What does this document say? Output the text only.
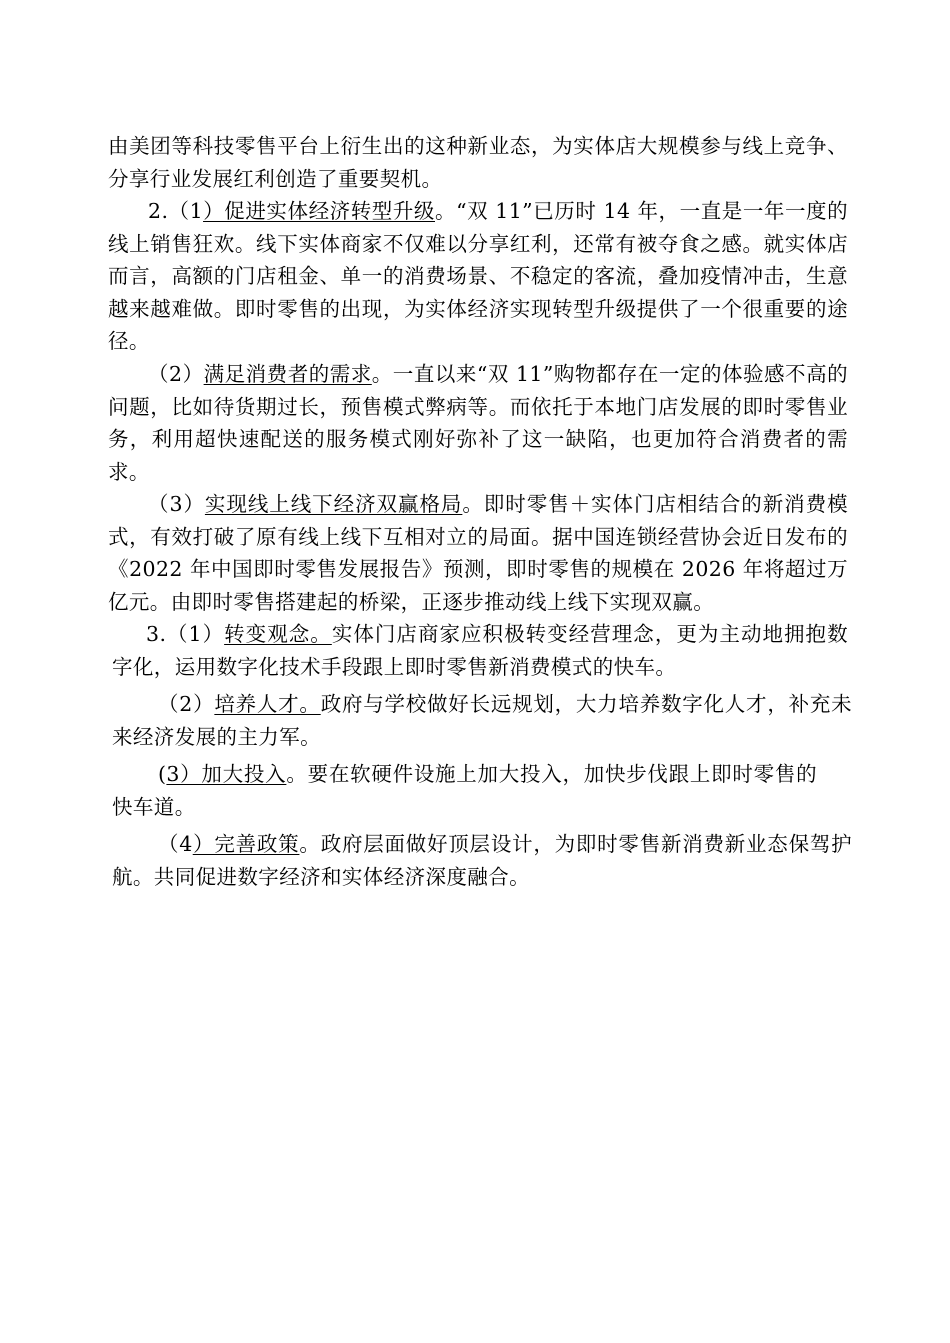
由美团等科技零售平台上衍生出的这种新业态，为实体店大规模参与线上竞争、分享行业发展红利创造了重要契机。

2.（1）促进实体经济转型升级。“双 11”已历时 14 年，一直是一年一度的线上销售狂欢。线下实体商家不仅难以分享红利，还常有被夺食之感。就实体店而言，高额的门店租金、单一的消费场景、不稳定的客流，叠加疫情冲击，生意越来越难做。即时零售的出现，为实体经济实现转型升级提供了一个很重要的途径。

（2）满足消费者的需求。一直以来“双 11”购物都存在一定的体验感不高的问题，比如待货期过长，预售模式弊病等。而依托于本地门店发展的即时零售业务，利用超快速配送的服务模式刚好弥补了这一缺陷，也更加符合消费者的需求。

（3）实现线上线下经济双赢格局。即时零售＋实体门店相结合的新消费模式，有效打破了原有线上线下互相对立的局面。据中国连锁经营协会近日发布的《2022 年中国即时零售发展报告》预测，即时零售的规模在 2026 年将超过万亿元。由即时零售搭建起的桥梁，正逐步推动线上线下实现双赢。

3.（1）转变观念。实体门店商家应积极转变经营理念，更为主动地拥抱数字化，运用数字化技术手段跟上即时零售新消费模式的快车。

（2）培养人才。政府与学校做好长远规划，大力培养数字化人才，补充未来经济发展的主力军。

(3）加大投入。要在软硬件设施上加大投入，加快步伐跟上即时零售的快车道。

（4）完善政策。政府层面做好顶层设计，为即时零售新消费新业态保驾护航。共同促进数字经济和实体经济深度融合。
